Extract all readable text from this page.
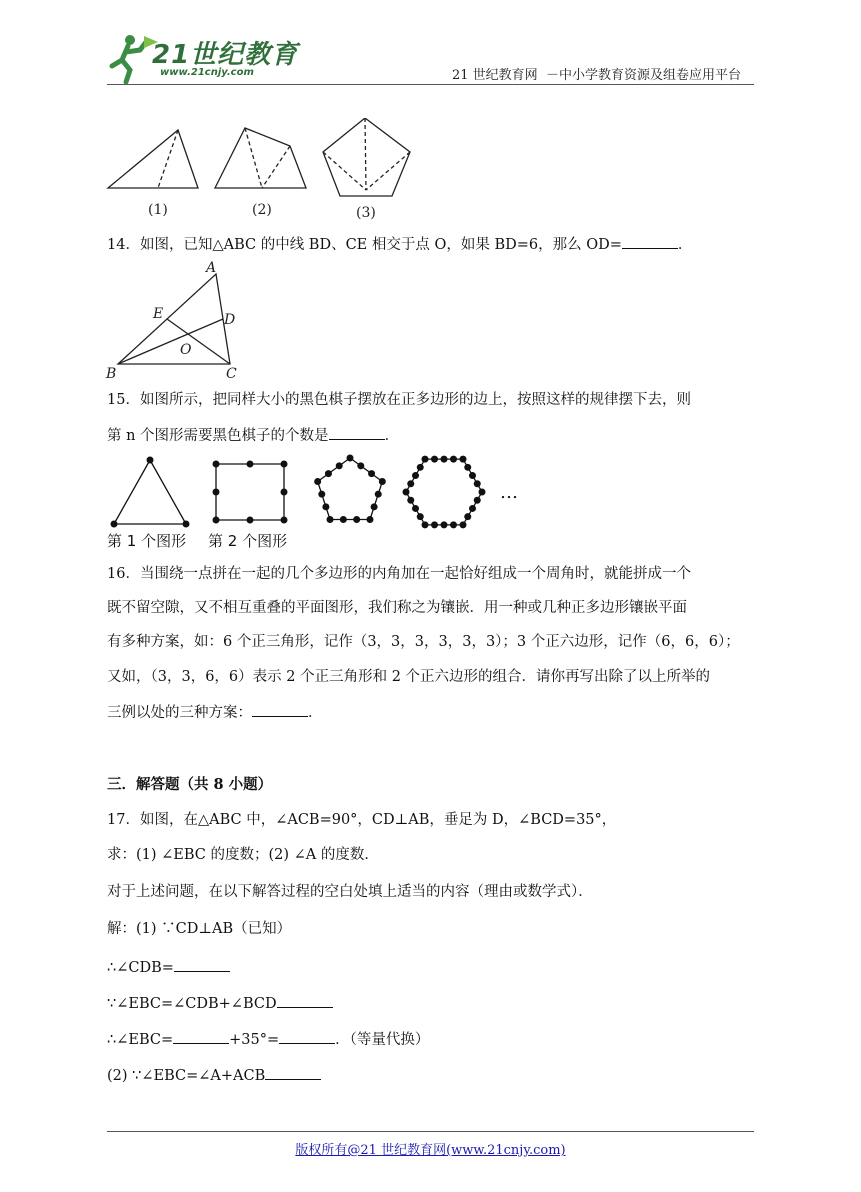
21世纪教育
www.21cnjy.com	21 世纪教育网  －中小学教育资源及组卷应用平台
(1)	(2)	(3)
14．如图，已知△ABC 的中线 BD、CE 相交于点 O，如果 BD=6，那么 OD=	．
A
E	D
O
B	C
15．如图所示，把同样大小的黑色棋子摆放在正多边形的边上，按照这样的规律摆下去，则
第 n 个图形需要黑色棋子的个数是	．
…
第 1 个图形 第 2 个图形
16．当围绕一点拼在一起的几个多边形的内角加在一起恰好组成一个周角时，就能拼成一个
既不留空隙，又不相互重叠的平面图形，我们称之为镶嵌．用一种或几种正多边形镶嵌平面
有多种方案，如：6 个正三角形，记作（3，3，3，3，3，3）；3 个正六边形，记作（6，6，6）；
又如，（3，3，6，6）表示 2 个正三角形和 2 个正六边形的组合．请你再写出除了以上所举的
三例以处的三种方案：	．
三．解答题（共 8 小题）
17．如图，在△ABC 中，∠ACB=90°，CD⊥AB，垂足为 D，∠BCD=35°，
求：(1) ∠EBC 的度数；(2) ∠A 的度数．
对于上述问题，在以下解答过程的空白处填上适当的内容（理由或数学式）．
解：(1) ∵CD⊥AB（已知）
∴∠CDB=
∵∠EBC=∠CDB+∠BCD
∴∠EBC=	+35°=	．（等量代换）
(2) ∵∠EBC=∠A+ACB
版权所有@21 世纪教育网(www.21cnjy.com)
